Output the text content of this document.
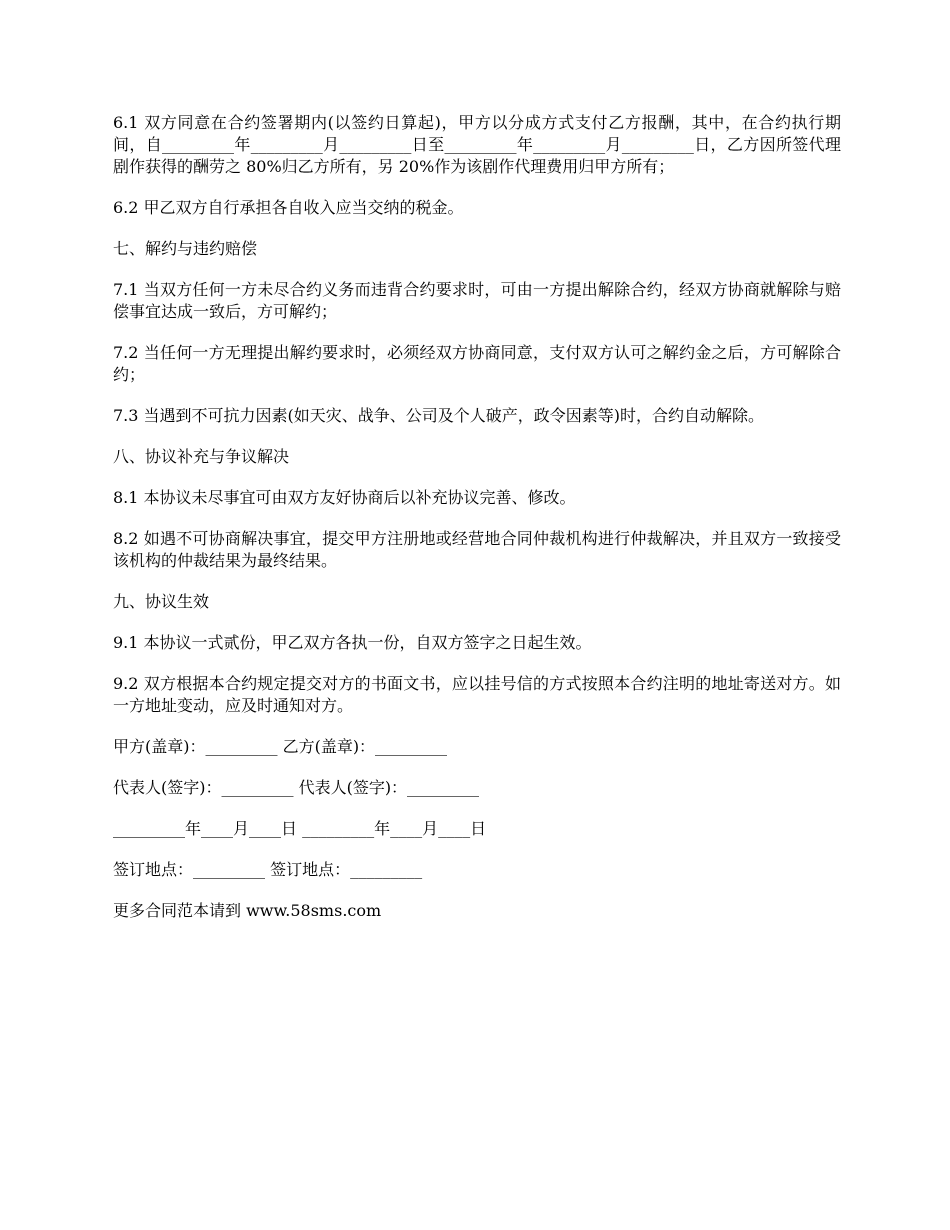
6.1 双方同意在合约签署期内(以签约日算起)，甲方以分成方式支付乙方报酬，其中，在合约执行期间，自_________年_________月_________日至_________年_________月_________日，乙方因所签代理剧作获得的酬劳之 80%归乙方所有，另 20%作为该剧作代理费用归甲方所有；

6.2 甲乙双方自行承担各自收入应当交纳的税金。

七、解约与违约赔偿

7.1 当双方任何一方未尽合约义务而违背合约要求时，可由一方提出解除合约，经双方协商就解除与赔偿事宜达成一致后，方可解约；

7.2 当任何一方无理提出解约要求时，必须经双方协商同意，支付双方认可之解约金之后，方可解除合约；

7.3 当遇到不可抗力因素(如天灾、战争、公司及个人破产，政令因素等)时，合约自动解除。

八、协议补充与争议解决

8.1 本协议未尽事宜可由双方友好协商后以补充协议完善、修改。

8.2 如遇不可协商解决事宜，提交甲方注册地或经营地合同仲裁机构进行仲裁解决，并且双方一致接受该机构的仲裁结果为最终结果。

九、协议生效

9.1 本协议一式贰份，甲乙双方各执一份，自双方签字之日起生效。

9.2 双方根据本合约规定提交对方的书面文书，应以挂号信的方式按照本合约注明的地址寄送对方。如一方地址变动，应及时通知对方。

甲方(盖章)：_________ 乙方(盖章)：_________

代表人(签字)：_________ 代表人(签字)：_________

_________年____月____日 _________年____月____日

签订地点：_________ 签订地点：_________

更多合同范本请到 www.58sms.com
